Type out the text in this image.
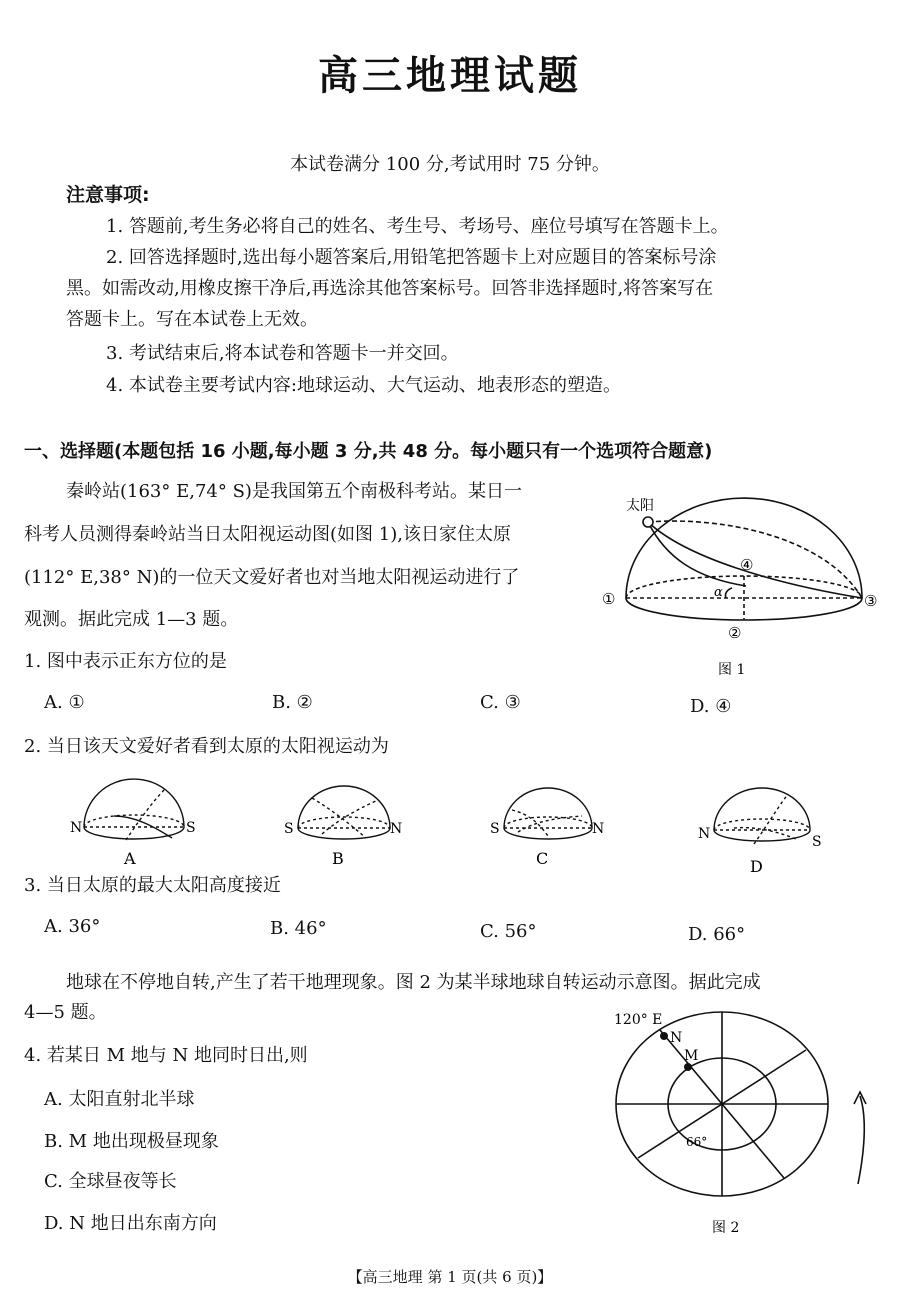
高三地理试题
本试卷满分 100 分,考试用时 75 分钟。
注意事项:
1. 答题前,考生务必将自己的姓名、考生号、考场号、座位号填写在答题卡上。
2. 回答选择题时,选出每小题答案后,用铅笔把答题卡上对应题目的答案标号涂
黑。如需改动,用橡皮擦干净后,再选涂其他答案标号。回答非选择题时,将答案写在
答题卡上。写在本试卷上无效。
3. 考试结束后,将本试卷和答题卡一并交回。
4. 本试卷主要考试内容:地球运动、大气运动、地表形态的塑造。
一、选择题(本题包括 16 小题,每小题 3 分,共 48 分。每小题只有一个选项符合题意)
秦岭站(163° E,74° S)是我国第五个南极科考站。某日一
科考人员测得秦岭站当日太阳视运动图(如图 1),该日家住太原
(112° E,38° N)的一位天文爱好者也对当地太阳视运动进行了
观测。据此完成 1—3 题。
太阳
α
①
②
③
④
图 1
1. 图中表示正东方位的是
A. ①	B. ②	C. ③	D. ④
2. 当日该天文爱好者看到太原的太阳视运动为
N	S
A
S	N
B
S	N
C
N	S
D
3. 当日太原的最大太阳高度接近
A. 36°	B. 46°	C. 56°	D. 66°
地球在不停地自转,产生了若干地理现象。图 2 为某半球地球自转运动示意图。据此完成
4—5 题。
4. 若某日 M 地与 N 地同时日出,则
A. 太阳直射北半球
B. M 地出现极昼现象
C. 全球昼夜等长
D. N 地日出东南方向
120° E
N
M
66°
图 2
【高三地理 第 1 页(共 6 页)】
